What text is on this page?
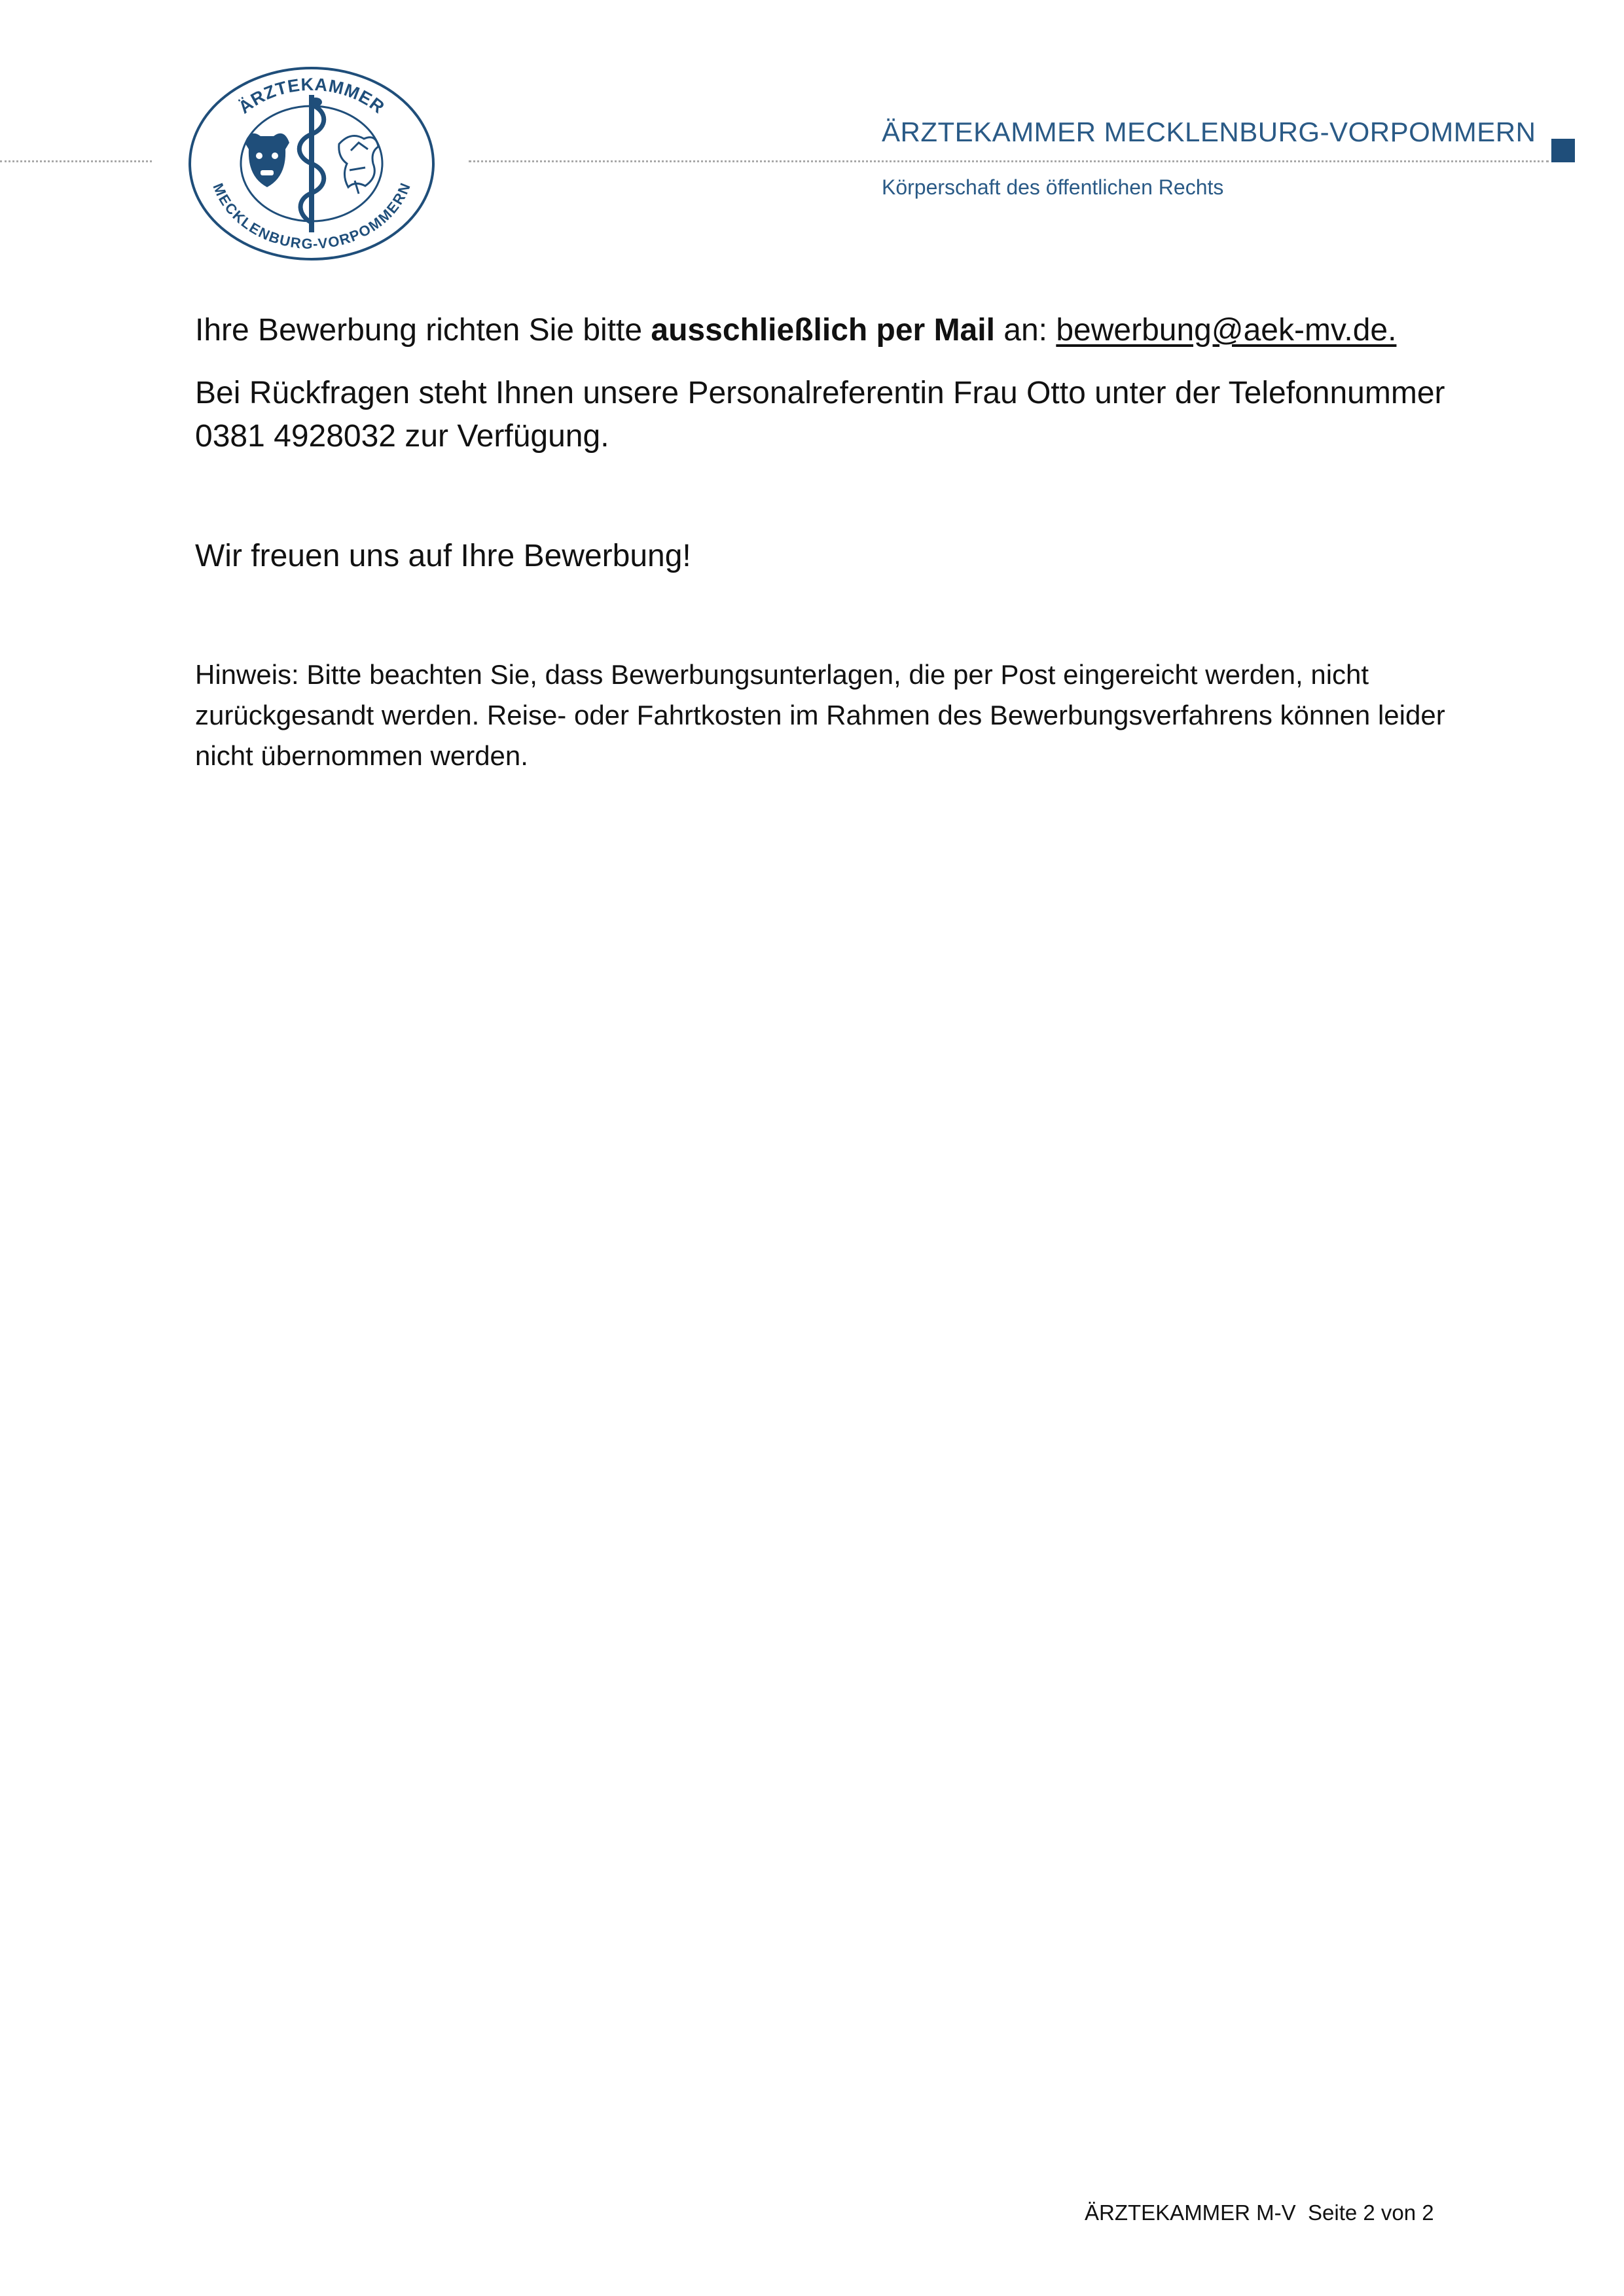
ÄRZTEKAMMER
MECKLENBURG-VORPOMMERN
ÄRZTEKAMMER MECKLENBURG-VORPOMMERN
Körperschaft des öffentlichen Rechts
Ihre Bewerbung richten Sie bitte ausschließlich per Mail an: bewerbung@aek-mv.de.
Bei Rückfragen steht Ihnen unsere Personalreferentin Frau Otto unter der Telefonnummer 0381 4928032 zur Verfügung.
Wir freuen uns auf Ihre Bewerbung!
Hinweis: Bitte beachten Sie, dass Bewerbungsunterlagen, die per Post eingereicht werden, nicht zurückgesandt werden. Reise- oder Fahrtkosten im Rahmen des Bewerbungsverfahrens können leider nicht übernommen werden.
ÄRZTEKAMMER M-V Seite 2 von 2
